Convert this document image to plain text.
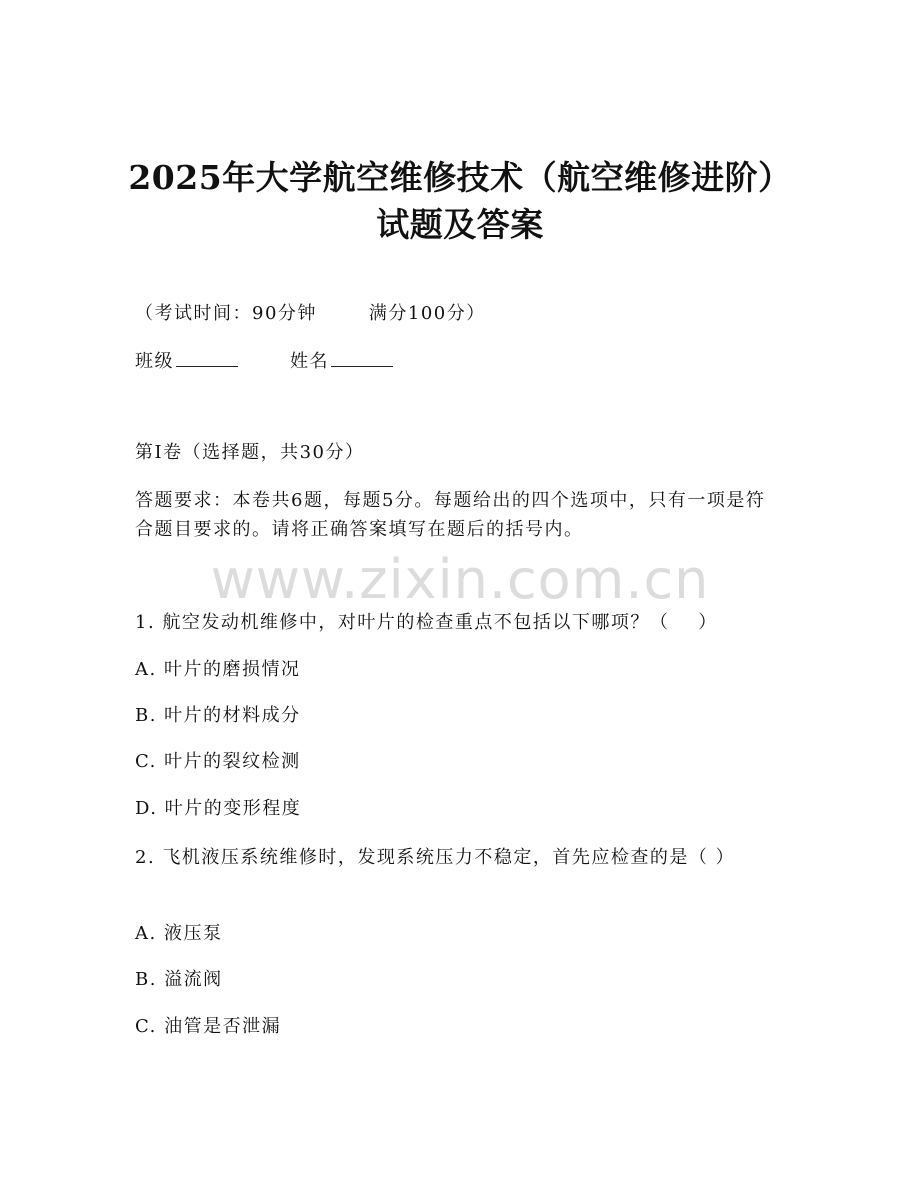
2025年大学航空维修技术（航空维修进阶）
试题及答案
（考试时间：90分钟	满分100分）
班级	姓名
第I卷（选择题，共30分）
答题要求：本卷共6题，每题5分。每题给出的四个选项中，只有一项是符合题目要求的。请将正确答案填写在题后的括号内。
www.zixin.com.cn
1. 航空发动机维修中，对叶片的检查重点不包括以下哪项？（    ）
A. 叶片的磨损情况
B. 叶片的材料成分
C. 叶片的裂纹检测
D. 叶片的变形程度
2. 飞机液压系统维修时，发现系统压力不稳定，首先应检查的是（ ）
A. 液压泵
B. 溢流阀
C. 油管是否泄漏
